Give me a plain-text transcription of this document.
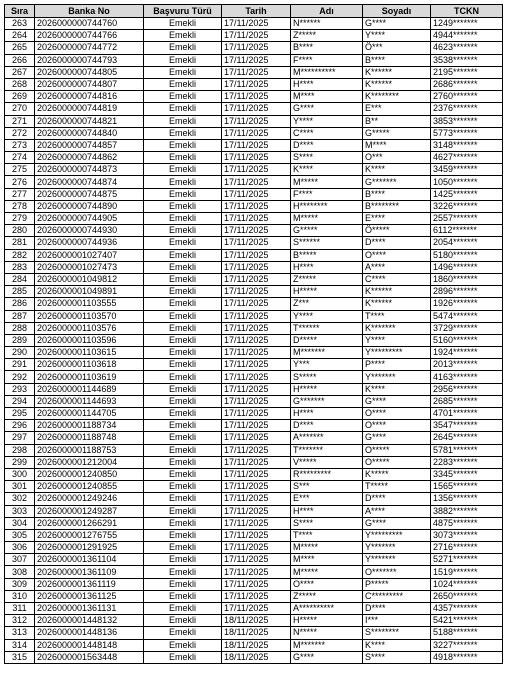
Sıra	Banka No	Başvuru Türü	Tarih	Adı	Soyadı	TCKN
263	2026000000744760	Emekli	17/11/2025	N******	G****	1249*******
264	2026000000744766	Emekli	17/11/2025	Z*****	Y****	4944*******
265	2026000000744772	Emekli	17/11/2025	B****	Ö***	4623*******
266	2026000000744793	Emekli	17/11/2025	F****	B****	3538*******
267	2026000000744805	Emekli	17/11/2025	M**********	K******	2195*******
268	2026000000744807	Emekli	17/11/2025	H****	K******	2686*******
269	2026000000744816	Emekli	17/11/2025	M****	K********	2760*******
270	2026000000744819	Emekli	17/11/2025	G****	E***	2376*******
271	2026000000744821	Emekli	17/11/2025	Y****	B**	3853*******
272	2026000000744840	Emekli	17/11/2025	C****	G*****	5773*******
273	2026000000744857	Emekli	17/11/2025	D****	M****	3148*******
274	2026000000744862	Emekli	17/11/2025	S****	O***	4627*******
275	2026000000744873	Emekli	17/11/2025	K****	K****	3459*******
276	2026000000744874	Emekli	17/11/2025	M*****	G*******	1050*******
277	2026000000744875	Emekli	17/11/2025	F****	B****	1425*******
278	2026000000744890	Emekli	17/11/2025	H********	B********	3226*******
279	2026000000744905	Emekli	17/11/2025	M*****	E****	2557*******
280	2026000000744930	Emekli	17/11/2025	G*****	Ö*****	6112*******
281	2026000000744936	Emekli	17/11/2025	S******	D****	2054*******
282	2026000001027407	Emekli	17/11/2025	B*****	O****	5180*******
283	2026000001027473	Emekli	17/11/2025	H****	A****	1496*******
284	2026000001049812	Emekli	17/11/2025	Z*****	C****	1860*******
285	2026000001049891	Emekli	17/11/2025	H*****	K******	2896*******
286	2026000001103555	Emekli	17/11/2025	Z***	K******	1926*******
287	2026000001103570	Emekli	17/11/2025	Y****	T****	5474*******
288	2026000001103576	Emekli	17/11/2025	T******	K*******	3729*******
289	2026000001103596	Emekli	17/11/2025	D*****	Y****	5160*******
290	2026000001103615	Emekli	17/11/2025	M*******	Y*********	1924*******
291	2026000001103618	Emekli	17/11/2025	Y***	P****	2013*******
292	2026000001103619	Emekli	17/11/2025	S*****	Y*******	4163*******
293	2026000001144689	Emekli	17/11/2025	H*****	K****	2956*******
294	2026000001144693	Emekli	17/11/2025	G*******	G****	2685*******
295	2026000001144705	Emekli	17/11/2025	H****	O****	4701*******
296	2026000001188734	Emekli	17/11/2025	D****	O****	3547*******
297	2026000001188748	Emekli	17/11/2025	A*******	G****	2645*******
298	2026000001188753	Emekli	17/11/2025	T*******	O*****	5781*******
299	2026000001212004	Emekli	17/11/2025	V*****	O*****	2283*******
300	2026000001240850	Emekli	17/11/2025	R*********	K*****	3345*******
301	2026000001240855	Emekli	17/11/2025	S***	T*****	1565*******
302	2026000001249246	Emekli	17/11/2025	E***	D****	1356*******
303	2026000001249287	Emekli	17/11/2025	H****	A****	3882*******
304	2026000001266291	Emekli	17/11/2025	S****	G****	4875*******
305	2026000001276755	Emekli	17/11/2025	T****	Y*********	3073*******
306	2026000001291925	Emekli	17/11/2025	M*****	Y*******	2716*******
307	2026000001361104	Emekli	17/11/2025	M****	Y*******	5271*******
308	2026000001361109	Emekli	17/11/2025	M*****	O*******	1519*******
309	2026000001361119	Emekli	17/11/2025	O****	P*****	1024*******
310	2026000001361125	Emekli	17/11/2025	Z*****	C*********	2650*******
311	2026000001361131	Emekli	17/11/2025	A**********	D****	4357*******
312	2026000001448132	Emekli	18/11/2025	H*****	I***	5421*******
313	2026000001448136	Emekli	18/11/2025	N*****	S********	5188*******
314	2026000001448148	Emekli	18/11/2025	M*******	K****	3227*******
315	2026000001563448	Emekli	18/11/2025	G****	S****	4918*******
